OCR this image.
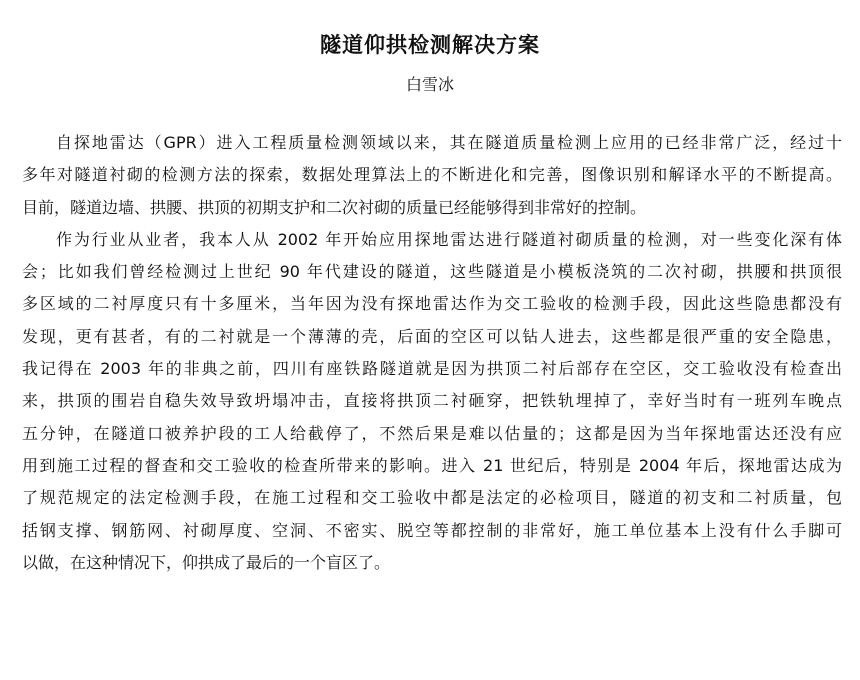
隧道仰拱检测解决方案
白雪冰
自探地雷达（GPR）进入工程质量检测领域以来，其在隧道质量检测上应用的已经非常广泛，经过十
多年对隧道衬砌的检测方法的探索，数据处理算法上的不断进化和完善，图像识别和解译水平的不断提高。
目前，隧道边墙、拱腰、拱顶的初期支护和二次衬砌的质量已经能够得到非常好的控制。
作为行业从业者，我本人从 2002 年开始应用探地雷达进行隧道衬砌质量的检测，对一些变化深有体
会；比如我们曾经检测过上世纪 90 年代建设的隧道，这些隧道是小模板浇筑的二次衬砌，拱腰和拱顶很
多区域的二衬厚度只有十多厘米，当年因为没有探地雷达作为交工验收的检测手段，因此这些隐患都没有
发现，更有甚者，有的二衬就是一个薄薄的壳，后面的空区可以钻人进去，这些都是很严重的安全隐患，
我记得在 2003 年的非典之前，四川有座铁路隧道就是因为拱顶二衬后部存在空区，交工验收没有检查出
来，拱顶的围岩自稳失效导致坍塌冲击，直接将拱顶二衬砸穿，把铁轨埋掉了，幸好当时有一班列车晚点
五分钟，在隧道口被养护段的工人给截停了，不然后果是难以估量的；这都是因为当年探地雷达还没有应
用到施工过程的督查和交工验收的检查所带来的影响。进入 21 世纪后，特别是 2004 年后，探地雷达成为
了规范规定的法定检测手段，在施工过程和交工验收中都是法定的必检项目，隧道的初支和二衬质量，包
括钢支撑、钢筋网、衬砌厚度、空洞、不密实、脱空等都控制的非常好，施工单位基本上没有什么手脚可
以做，在这种情况下，仰拱成了最后的一个盲区了。
